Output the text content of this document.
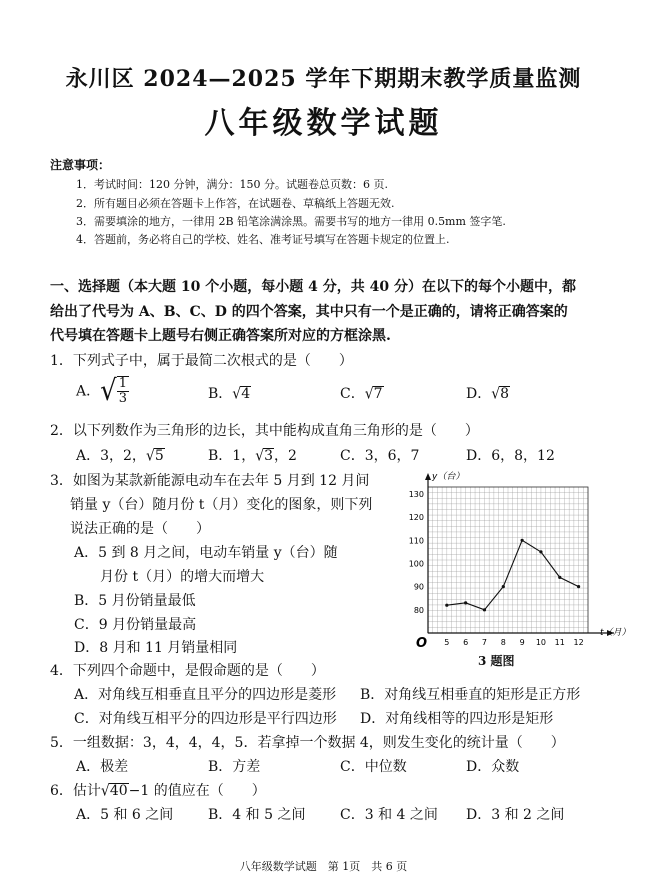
永川区 2024—2025 学年下期期末教学质量监测
八年级数学试题
注意事项：
1．考试时间：120 分钟，满分：150 分。试题卷总页数：6 页.
2．所有题目必须在答题卡上作答，在试题卷、草稿纸上答题无效.
3．需要填涂的地方，一律用 2B 铅笔涂满涂黑。需要书写的地方一律用 0.5mm 签字笔.
4．答题前，务必将自己的学校、姓名、准考证号填写在答题卡规定的位置上.
一、选择题（本大题 10 个小题，每小题 4 分，共 40 分）在以下的每个小题中，都
给出了代号为 A、B、C、D 的四个答案，其中只有一个是正确的，请将正确答案的
代号填在答题卡上题号右侧正确答案所对应的方框涂黑.
1．下列式子中，属于最简二次根式的是（　　）
A．√ $\frac{1}{3}$	B．√4	C．√7	D．√8
2．以下列数作为三角形的边长，其中能构成直角三角形的是（　　）
A．3，2，√5	B．1，√3，2	C．3，6，7	D．6，8，12
3．如图为某款新能源电动车在去年 5 月到 12 月间
销量 y（台）随月份 t（月）变化的图象，则下列
说法正确的是（　　）
A．5 到 8 月之间，电动车销量 y（台）随
月份 t（月）的增大而增大
B．5 月份销量最低
C．9 月份销量最高
D．8 月和 11 月销量相同	5 6 7 8 9 10 11 12
80
90
100
110
120
130
O
y（台）
t（月）
3 题图
4．下列四个命题中，是假命题的是（　　）
A．对角线互相垂直且平分的四边形是菱形 B．对角线互相垂直的矩形是正方形
C．对角线互相平分的四边形是平行四边形 D．对角线相等的四边形是矩形
5．一组数据：3，4，4，4，5．若拿掉一个数据 4，则发生变化的统计量（　　）
A．极差	B．方差	C．中位数	D．众数
6．估计√40−1 的值应在（　　）
A．5 和 6 之间 B．4 和 5 之间 C．3 和 4 之间 D．3 和 2 之间
八年级数学试题　第 1页　共 6 页
